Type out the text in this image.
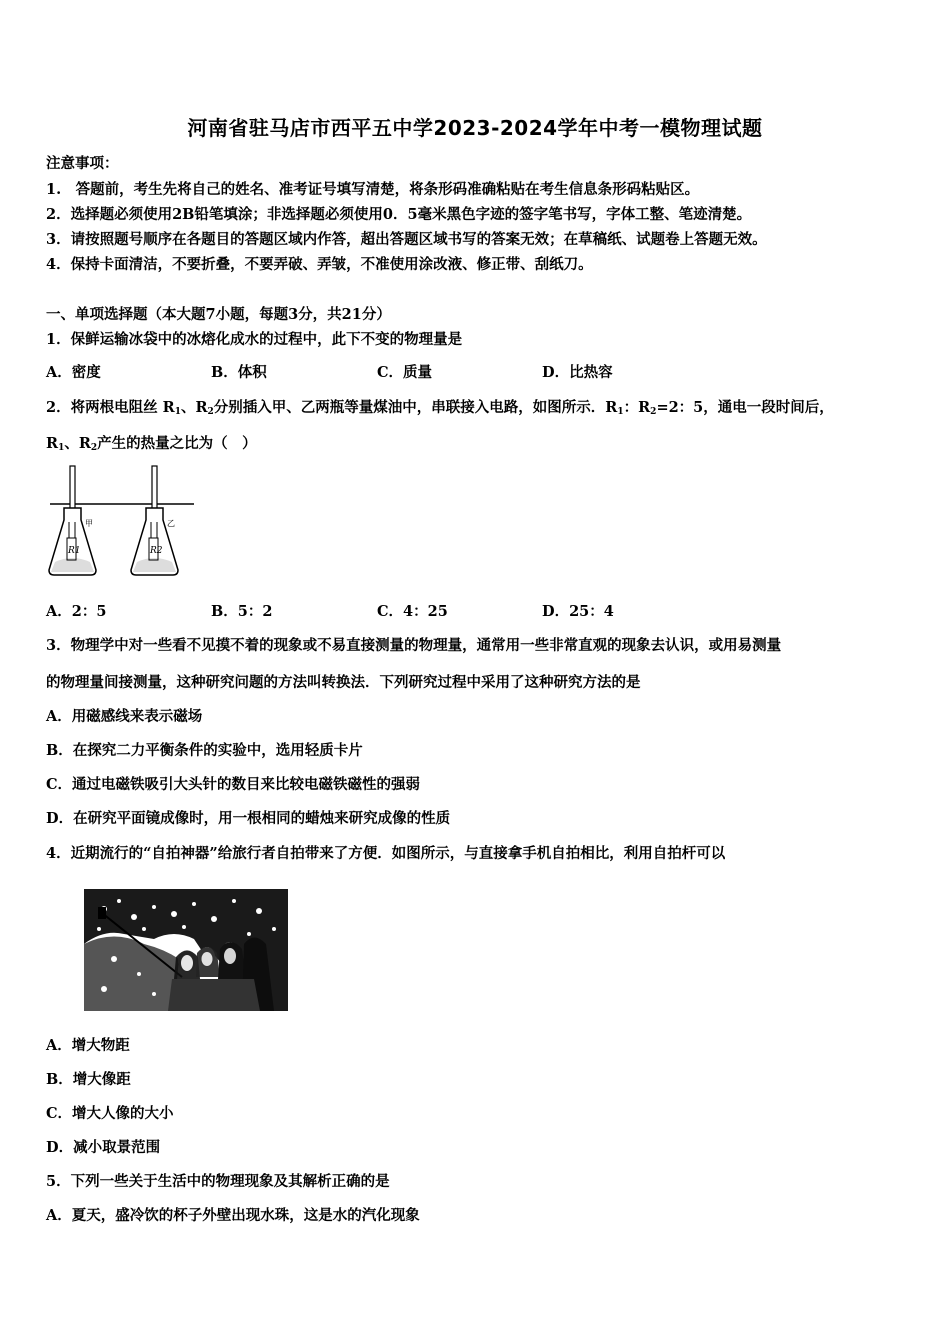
河南省驻马店市西平五中学2023-2024学年中考一模物理试题
注意事项：
1.　答题前，考生先将自己的姓名、准考证号填写清楚，将条形码准确粘贴在考生信息条形码粘贴区。
2．选择题必须使用2B铅笔填涂；非选择题必须使用0．5毫米黑色字迹的签字笔书写，字体工整、笔迹清楚。
3．请按照题号顺序在各题目的答题区域内作答，超出答题区域书写的答案无效；在草稿纸、试题卷上答题无效。
4．保持卡面清洁，不要折叠，不要弄破、弄皱，不准使用涂改液、修正带、刮纸刀。
一、单项选择题（本大题7小题，每题3分，共21分）
1．保鲜运输冰袋中的冰熔化成水的过程中，此下不变的物理量是
A．密度	B．体积	C．质量	D．比热容
2．将两根电阻丝 $R_1$、$R_2$分别插入甲、乙两瓶等量煤油中，串联接入电路，如图所示．$R_1$：$R_2=2$：5，通电一段时间后，
$R_1$、$R_2$产生的热量之比为（　）
R1
甲
R2
乙
A．2：5	B．5：2	C．4：25	D．25：4
3．物理学中对一些看不见摸不着的现象或不易直接测量的物理量，通常用一些非常直观的现象去认识，或用易测量
的物理量间接测量，这种研究问题的方法叫转换法．下列研究过程中采用了这种研究方法的是
A．用磁感线来表示磁场
B．在探究二力平衡条件的实验中，选用轻质卡片
C．通过电磁铁吸引大头针的数目来比较电磁铁磁性的强弱
D．在研究平面镜成像时，用一根相同的蜡烛来研究成像的性质
4．近期流行的“自拍神器”给旅行者自拍带来了方便．如图所示，与直接拿手机自拍相比，利用自拍杆可以
A．增大物距
B．增大像距
C．增大人像的大小
D．减小取景范围
5．下列一些关于生活中的物理现象及其解析正确的是
A．夏天，盛冷饮的杯子外壁出现水珠，这是水的汽化现象
